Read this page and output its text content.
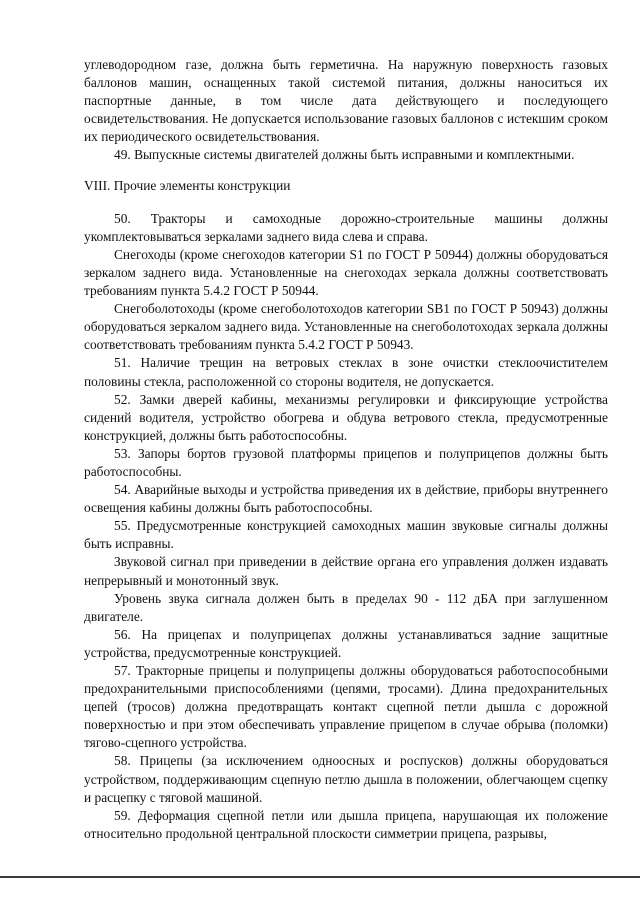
углеводородном газе, должна быть герметична. На наружную поверхность газовых баллонов машин, оснащенных такой системой питания, должны наноситься их паспортные данные, в том числе дата действующего и последующего освидетельствования. Не допускается использование газовых баллонов с истекшим сроком их периодического освидетельствования.

49. Выпускные системы двигателей должны быть исправными и комплектными.

VIII. Прочие элементы конструкции

50. Тракторы и самоходные дорожно-строительные машины должны укомплектовываться зеркалами заднего вида слева и справа.

Снегоходы (кроме снегоходов категории S1 по ГОСТ Р 50944) должны оборудоваться зеркалом заднего вида. Установленные на снегоходах зеркала должны соответствовать требованиям пункта 5.4.2 ГОСТ Р 50944.

Снегоболотоходы (кроме снегоболотоходов категории SB1 по ГОСТ Р 50943) должны оборудоваться зеркалом заднего вида. Установленные на снегоболотоходах зеркала должны соответствовать требованиям пункта 5.4.2 ГОСТ Р 50943.

51. Наличие трещин на ветровых стеклах в зоне очистки стеклоочистителем половины стекла, расположенной со стороны водителя, не допускается.

52. Замки дверей кабины, механизмы регулировки и фиксирующие устройства сидений водителя, устройство обогрева и обдува ветрового стекла, предусмотренные конструкцией, должны быть работоспособны.

53. Запоры бортов грузовой платформы прицепов и полуприцепов должны быть работоспособны.

54. Аварийные выходы и устройства приведения их в действие, приборы внутреннего освещения кабины должны быть работоспособны.

55. Предусмотренные конструкцией самоходных машин звуковые сигналы должны быть исправны.

Звуковой сигнал при приведении в действие органа его управления должен издавать непрерывный и монотонный звук.

Уровень звука сигнала должен быть в пределах 90 - 112 дБА при заглушенном двигателе.

56. На прицепах и полуприцепах должны устанавливаться задние защитные устройства, предусмотренные конструкцией.

57. Тракторные прицепы и полуприцепы должны оборудоваться работоспособными предохранительными приспособлениями (цепями, тросами). Длина предохранительных цепей (тросов) должна предотвращать контакт сцепной петли дышла с дорожной поверхностью и при этом обеспечивать управление прицепом в случае обрыва (поломки) тягово-сцепного устройства.

58. Прицепы (за исключением одноосных и роспусков) должны оборудоваться устройством, поддерживающим сцепную петлю дышла в положении, облегчающем сцепку и расцепку с тяговой машиной.

59. Деформация сцепной петли или дышла прицепа, нарушающая их положение относительно продольной центральной плоскости симметрии прицепа, разрывы,
